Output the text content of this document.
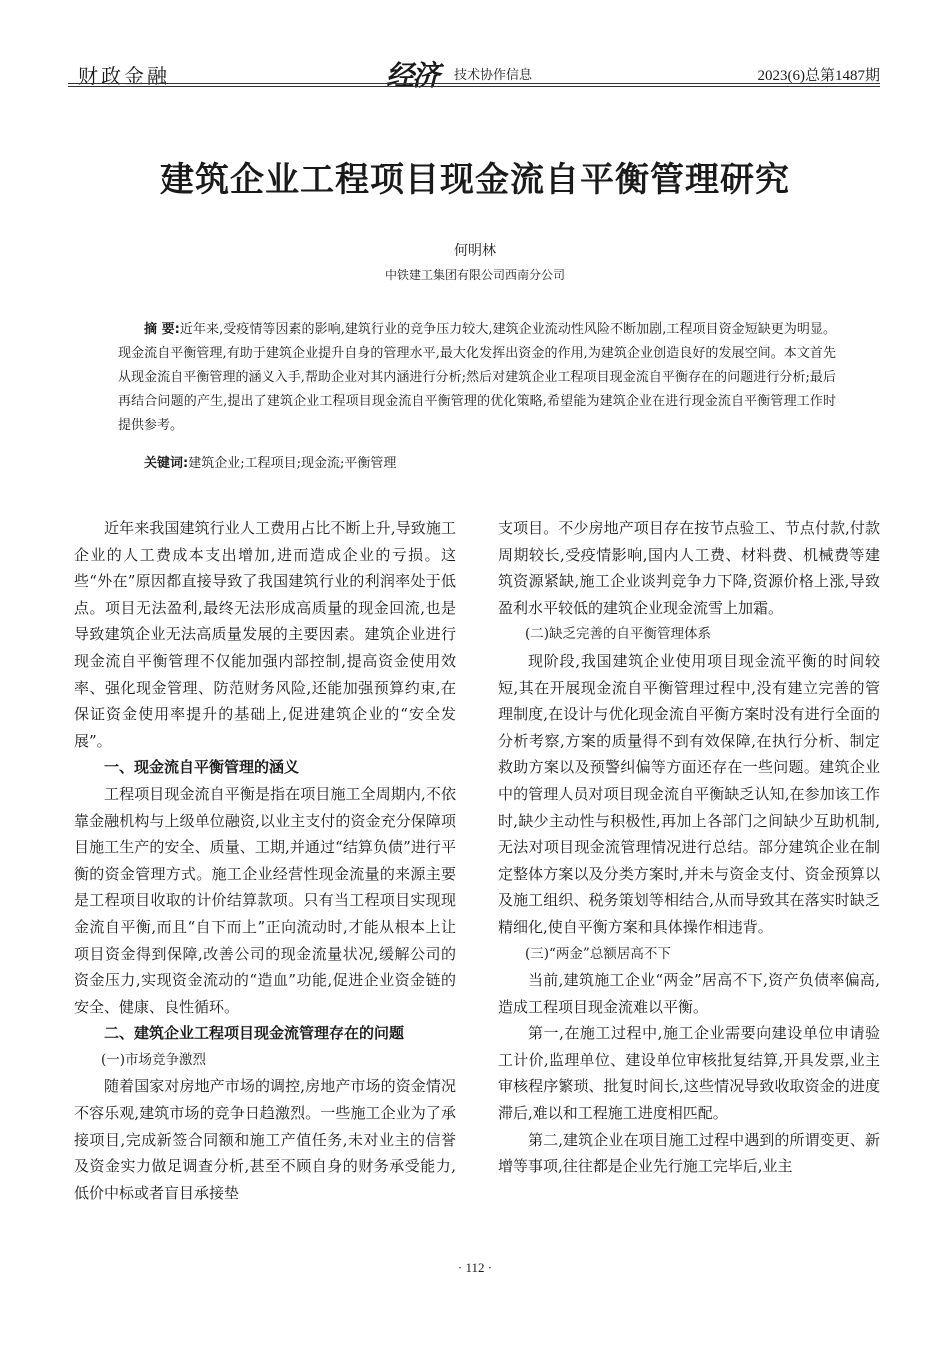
财政金融	经济 技术协作信息	2023(6)总第1487期
建筑企业工程项目现金流自平衡管理研究
何明林
中铁建工集团有限公司西南分公司
摘 要:近年来,受疫情等因素的影响,建筑行业的竞争压力较大,建筑企业流动性风险不断加剧,工程项目资金短缺更为明显。现金流自平衡管理,有助于建筑企业提升自身的管理水平,最大化发挥出资金的作用,为建筑企业创造良好的发展空间。本文首先从现金流自平衡管理的涵义入手,帮助企业对其内涵进行分析;然后对建筑企业工程项目现金流自平衡存在的问题进行分析;最后再结合问题的产生,提出了建筑企业工程项目现金流自平衡管理的优化策略,希望能为建筑企业在进行现金流自平衡管理工作时提供参考。
关键词:建筑企业;工程项目;现金流;平衡管理

近年来我国建筑行业人工费用占比不断上升,导致施工企业的人工费成本支出增加,进而造成企业的亏损。这些“外在”原因都直接导致了我国建筑行业的利润率处于低点。项目无法盈利,最终无法形成高质量的现金回流,也是导致建筑企业无法高质量发展的主要因素。建筑企业进行现金流自平衡管理不仅能加强内部控制,提高资金使用效率、强化现金管理、防范财务风险,还能加强预算约束,在保证资金使用率提升的基础上,促进建筑企业的“安全发展”。

一、现金流自平衡管理的涵义

工程项目现金流自平衡是指在项目施工全周期内,不依靠金融机构与上级单位融资,以业主支付的资金充分保障项目施工生产的安全、质量、工期,并通过“结算负债”进行平衡的资金管理方式。施工企业经营性现金流量的来源主要是工程项目收取的计价结算款项。只有当工程项目实现现金流自平衡,而且“自下而上”正向流动时,才能从根本上让项目资金得到保障,改善公司的现金流量状况,缓解公司的资金压力,实现资金流动的“造血”功能,促进企业资金链的安全、健康、良性循环。

二、建筑企业工程项目现金流管理存在的问题
(一)市场竞争激烈

随着国家对房地产市场的调控,房地产市场的资金情况不容乐观,建筑市场的竞争日趋激烈。一些施工企业为了承接项目,完成新签合同额和施工产值任务,未对业主的信誉及资金实力做足调查分析,甚至不顾自身的财务承受能力,低价中标或者盲目承接垫

支项目。不少房地产项目存在按节点验工、节点付款,付款周期较长,受疫情影响,国内人工费、材料费、机械费等建筑资源紧缺,施工企业谈判竞争力下降,资源价格上涨,导致盈利水平较低的建筑企业现金流雪上加霜。

(二)缺乏完善的自平衡管理体系

现阶段,我国建筑企业使用项目现金流平衡的时间较短,其在开展现金流自平衡管理过程中,没有建立完善的管理制度,在设计与优化现金流自平衡方案时没有进行全面的分析考察,方案的质量得不到有效保障,在执行分析、制定救助方案以及预警纠偏等方面还存在一些问题。建筑企业中的管理人员对项目现金流自平衡缺乏认知,在参加该工作时,缺少主动性与积极性,再加上各部门之间缺少互助机制,无法对项目现金流管理情况进行总结。部分建筑企业在制定整体方案以及分类方案时,并未与资金支付、资金预算以及施工组织、税务策划等相结合,从而导致其在落实时缺乏精细化,使自平衡方案和具体操作相违背。

(三)“两金”总额居高不下

当前,建筑施工企业“两金”居高不下,资产负债率偏高,造成工程项目现金流难以平衡。

第一,在施工过程中,施工企业需要向建设单位申请验工计价,监理单位、建设单位审核批复结算,开具发票,业主审核程序繁琐、批复时间长,这些情况导致收取资金的进度滞后,难以和工程施工进度相匹配。

第二,建筑企业在项目施工过程中遇到的所谓变更、新增等事项,往往都是企业先行施工完毕后,业主

· 112 ·
